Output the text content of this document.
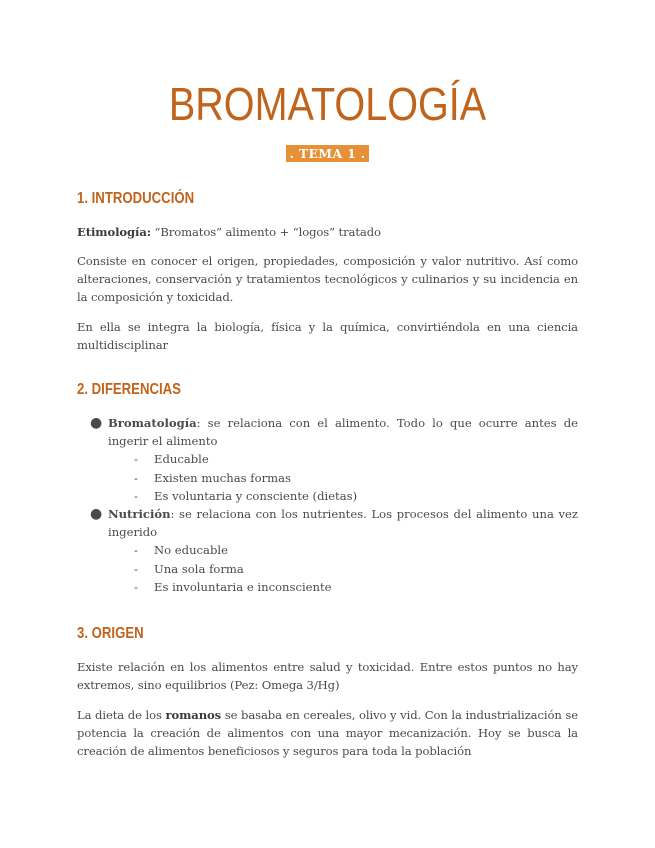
BROMATOLOGÍA
. TEMA 1 .
1. INTRODUCCIÓN

Etimología: “Bromatos” alimento + “logos” tratado

Consiste en conocer el origen, propiedades, composición y valor nutritivo. Así como alteraciones, conservación y tratamientos tecnológicos y culinarios y su incidencia en la composición y toxicidad.

En ella se integra la biología, física y la química, convirtiéndola en una ciencia multidisciplinar

2. DIFERENCIAS
● Bromatología: se relaciona con el alimento. Todo lo que ocurre antes de ingerir el alimento
- Educable
- Existen muchas formas
- Es voluntaria y consciente (dietas)
● Nutrición: se relaciona con los nutrientes. Los procesos del alimento una vez ingerido
- No educable
- Una sola forma
- Es involuntaria e inconsciente
3. ORIGEN

Existe relación en los alimentos entre salud y toxicidad. Entre estos puntos no hay extremos, sino equilibrios (Pez: Omega 3/Hg)

La dieta de los romanos se basaba en cereales, olivo y vid. Con la industrialización se potencia la creación de alimentos con una mayor mecanización. Hoy se busca la creación de alimentos beneficiosos y seguros para toda la población
